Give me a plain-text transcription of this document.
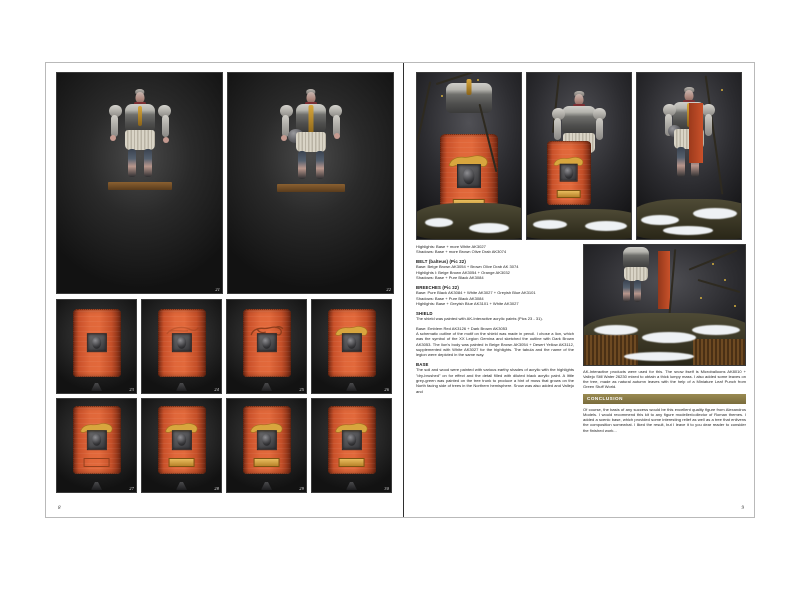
21	22
23	24	25	26
27	28	29	30
8

Highlights: Base + more White AK3027

Shadows: Base + more Brown Olive Drab AK3074

BELT (balteus) (Pic 22)

Base: Beige Brown AK3054 + Brown Olive Drab AK 3074

Highlights I: Beige Brown AK3054 + Orange AK3032

Shadows: Base + Pure Black AK3084

BREECHES (Pic 22)

Base: Pure Black AK3084 + White AK3027 + Greyish Blue AK3101

Shadows: Base + Pure Black AK3084

Highlights: Base + Greyish Blue AK3101 + White AK3027

SHIELD

The shield was painted with AK-Interactive acrylic paints (Pics 23 - 31).

Base: Emblem Red AK3126 + Dark Brown AK3053

A schematic outline of the motif on the shield was made in pencil. I chose a lion, which was the symbol of the XX Legion Gemina and sketched the outline with Dark Brown AK3053. The lion's body was painted in Beige Brown AK3054 + Desert Yellow AK3112, supplemented with White AK3027 for the highlights. The tabula and the name of the legion were depicted in the same way.

BASE

The soil and wood were painted with various earthy shades of acrylic with the highlights "dry-brushed" on for effect and the detail filled with diluted black acrylic paint. A little grey-green was painted on the tree trunk to produce a hint of moss that grows on the North facing side of trees in the Northern hemisphere. Snow was also added and Vallejo and

AK-Interactive products were used for this. The snow itself is Microballoons AK8010 + Vallejo Still Water 26230 mixed to obtain a thick lumpy mass. I also added some leaves on the tree, made as natural autumn leaves with the help of a Miniature Leaf Punch from Green Stuff World.

CONCLUSION

Of course, the basis of any success would be this excellent quality figure from Alexandros Models. I would recommend this kit to any figure modeller/collector of Roman themes. I added a scenic base, which provided some interesting relief as well as a tree that enlivens the composition somewhat. I liked the result, but I leave it to you dear reader to consider the finished work...

9
